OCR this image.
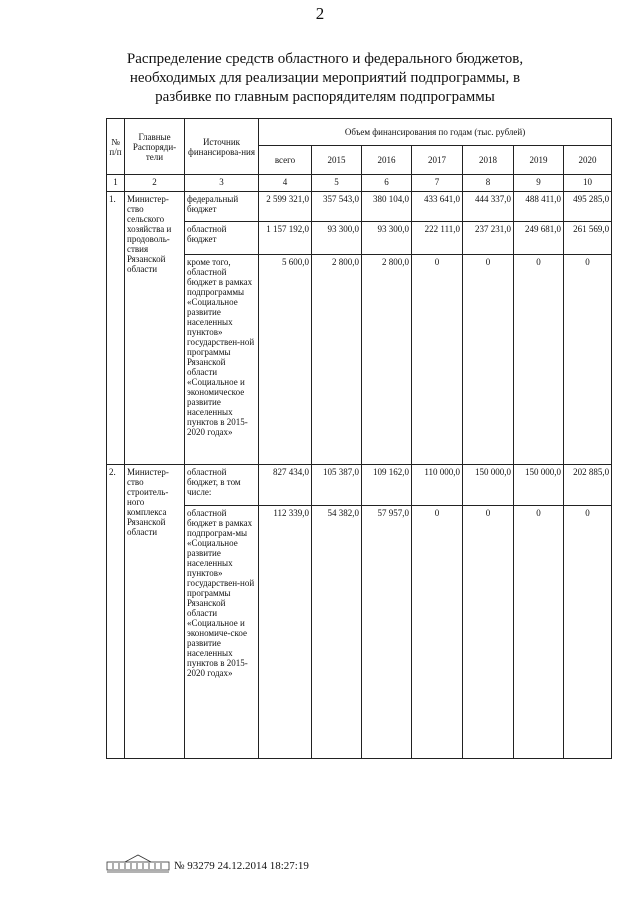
2
Распределение средств областного и федерального бюджетов,
необходимых для реализации мероприятий подпрограммы, в
разбивке по главным распорядителям подпрограммы
№ п/п	Главные Распоряди-тели	Источник финансирова-ния	Объем финансирования по годам (тыс. рублей)						
			всего	2015	2016	2017	2018	2019	2020
1	2	3	4	5	6	7	8	9	10
1.	Министер-ство сельского хозяйства и продоволь-ствия Рязанской области	федеральный бюджет	2 599 321,0	357 543,0	380 104,0	433 641,0	444 337,0	488 411,0	495 285,0
		областной бюджет	1 157 192,0	93 300,0	93 300,0	222 111,0	237 231,0	249 681,0	261 569,0
		кроме того, областной бюджет в рамках подпрограммы «Социальное развитие населенных пунктов» государствен-ной программы Рязанской области «Социальное и экономическое развитие населенных пунктов в 2015-2020 годах»	5 600,0	2 800,0	2 800,0	0	0	0	0
2.	Министер-ство строитель-ного комплекса Рязанской области	областной бюджет, в том числе:	827 434,0	105 387,0	109 162,0	110 000,0	150 000,0	150 000,0	202 885,0
		областной бюджет в рамках подпрограм-мы «Социальное развитие населенных пунктов» государствен-ной программы Рязанской области «Социальное и экономиче-ское развитие населенных пунктов в 2015-2020 годах»	112 339,0	54 382,0	57 957,0	0	0	0	0
№ 93279 24.12.2014 18:27:19
